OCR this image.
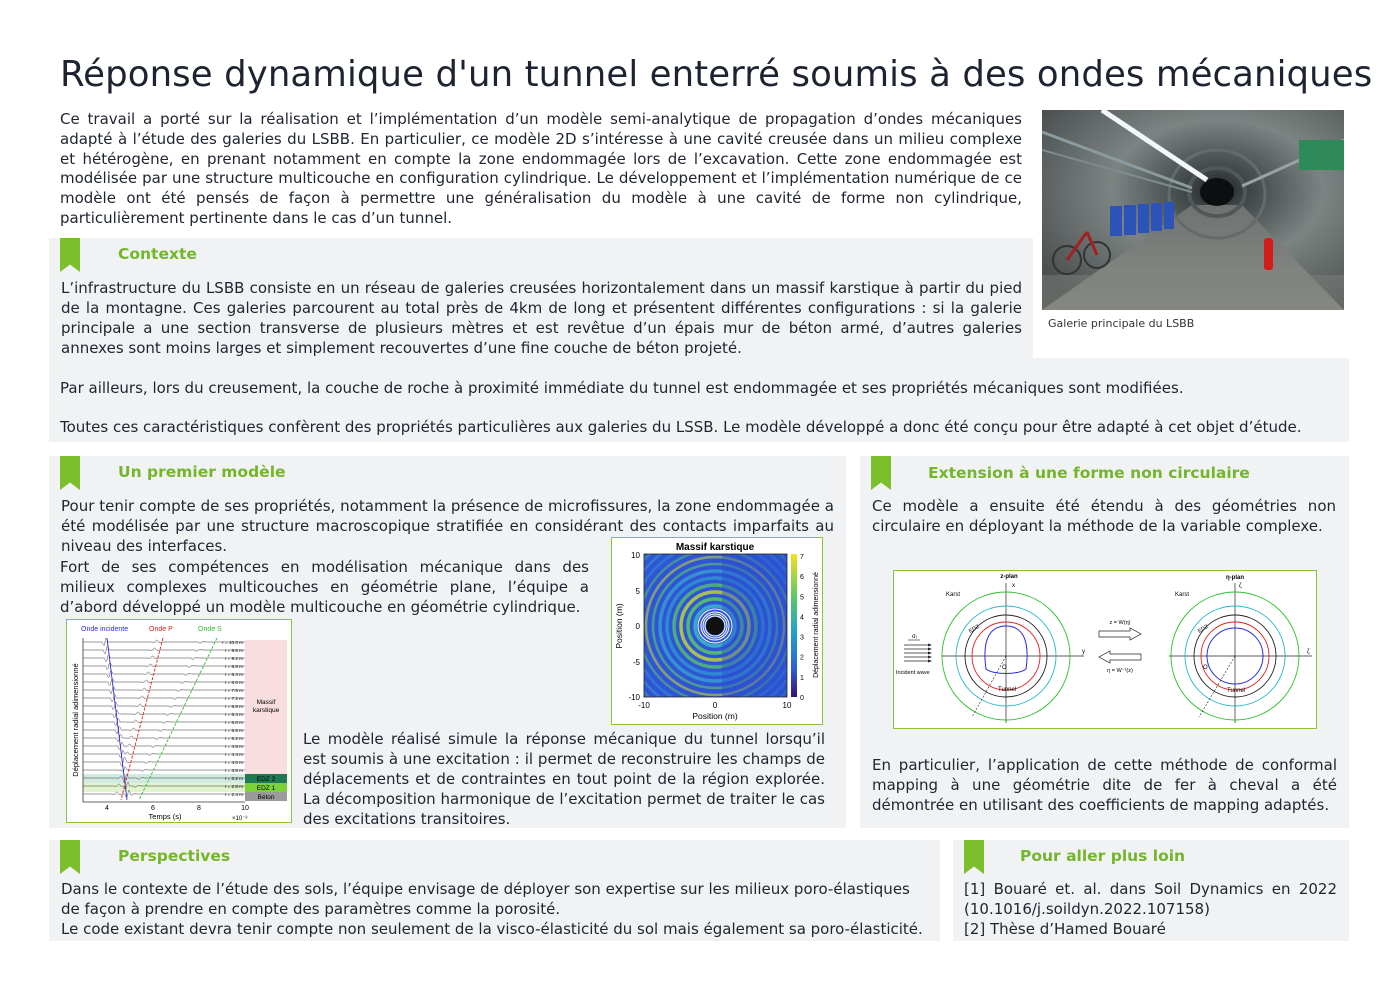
Réponse dynamique d'un tunnel enterré soumis à des ondes mécaniques
Ce travail a porté sur la réalisation et l’implémentation d’un modèle semi-analytique de propagation d’ondes mécaniques adapté à l’étude des galeries du LSBB. En particulier, ce modèle 2D s’intéresse à une cavité creusée dans un milieu complexe et hétérogène, en prenant notamment en compte la zone endommagée lors de l’excavation. Cette zone endommagée est modélisée par une structure multicouche en configuration cylindrique. Le développement et l’implémentation numérique de ce modèle ont été pensés de façon à permettre une généralisation du modèle à une cavité de forme non cylindrique, particulièrement pertinente dans le cas d’un tunnel.
Galerie principale du LSBB
Contexte
L’infrastructure du LSBB consiste en un réseau de galeries creusées horizontalement dans un massif karstique à partir du pied de la montagne. Ces galeries parcourent au total près de 4km de long et présentent différentes configurations : si la galerie principale a une section transverse de plusieurs mètres et est revêtue d’un épais mur de béton armé, d’autres galeries annexes sont moins larges et simplement recouvertes d’une fine couche de béton projeté.
Par ailleurs, lors du creusement, la couche de roche à proximité immédiate du tunnel est endommagée et ses propriétés mécaniques sont modifiées.
Toutes ces caractéristiques confèrent des propriétés particulières aux galeries du LSSB. Le modèle développé a donc été conçu pour être adapté à cet objet d’étude.
Un premier modèle
Pour tenir compte de ses propriétés, notamment la présence de microfissures, la zone endommagée a été modélisée par une structure macroscopique stratifiée en considérant des contacts imparfaits au niveau des interfaces.
Fort de ses compétences en modélisation mécanique dans des milieux complexes multicouches en géométrie plane, l’équipe a d’abord développé un modèle multicouche en géométrie cylindrique.
Le modèle réalisé simule la réponse mécanique du tunnel lorsqu’il est soumis à une excitation : il permet de reconstruire les champs de déplacements et de contraintes en tout point de la région explorée. La décomposition harmonique de l’excitation permet de traiter le cas des excitations transitoires.
Onde incidente	Onde P	Onde S
Massif
karstique
EDZ 2
EDZ 1
Béton
r = 10.0 m
r = 9.6 m
r = 9.2 m
r = 8.8 m
r = 8.4 m
r = 8.0 m
r = 7.6 m
r = 7.2 m
r = 6.8 m
r = 6.4 m
r = 6.0 m
r = 5.6 m
r = 5.2 m
r = 4.8 m
r = 4.4 m
r = 4.0 m
r = 3.6 m
r = 3.2 m
r = 2.8 m
r = 2.4 m
4	6	8	10
Temps (s)	×10⁻³
Déplacement radial adimensionné
Massif karstique
10
5
0
-5
-10
-10	0	10
Position (m)
Position (m)
7
6
5
4
3
2
1
0
Déplacement radial adimensionné
Extension à une forme non circulaire
Ce modèle a ensuite été étendu à des géométries non circulaire en déployant la méthode de la variable complexe.
En particulier, l’application de cette méthode de conformal mapping à une géométrie dite de fer à cheval a été démontrée en utilisant des coefficients de mapping adaptés.
z-plan	η-plan
Karst	Karst
x
y
EDZ
Tunnel
O
σᵢ
Incident wave
z = W(η)
η = W⁻¹(z)
ζ
ζ
EDZ
Tunnel
O
Perspectives
Dans le contexte de l’étude des sols, l’équipe envisage de déployer son expertise sur les milieux poro-élastiques de façon à prendre en compte des paramètres comme la porosité.
Le code existant devra tenir compte non seulement de la visco-élasticité du sol mais également sa poro-élasticité.
Pour aller plus loin
[1] Bouaré et. al. dans Soil Dynamics en 2022 (10.1016/j.soildyn.2022.107158)
[2] Thèse d’Hamed Bouaré
